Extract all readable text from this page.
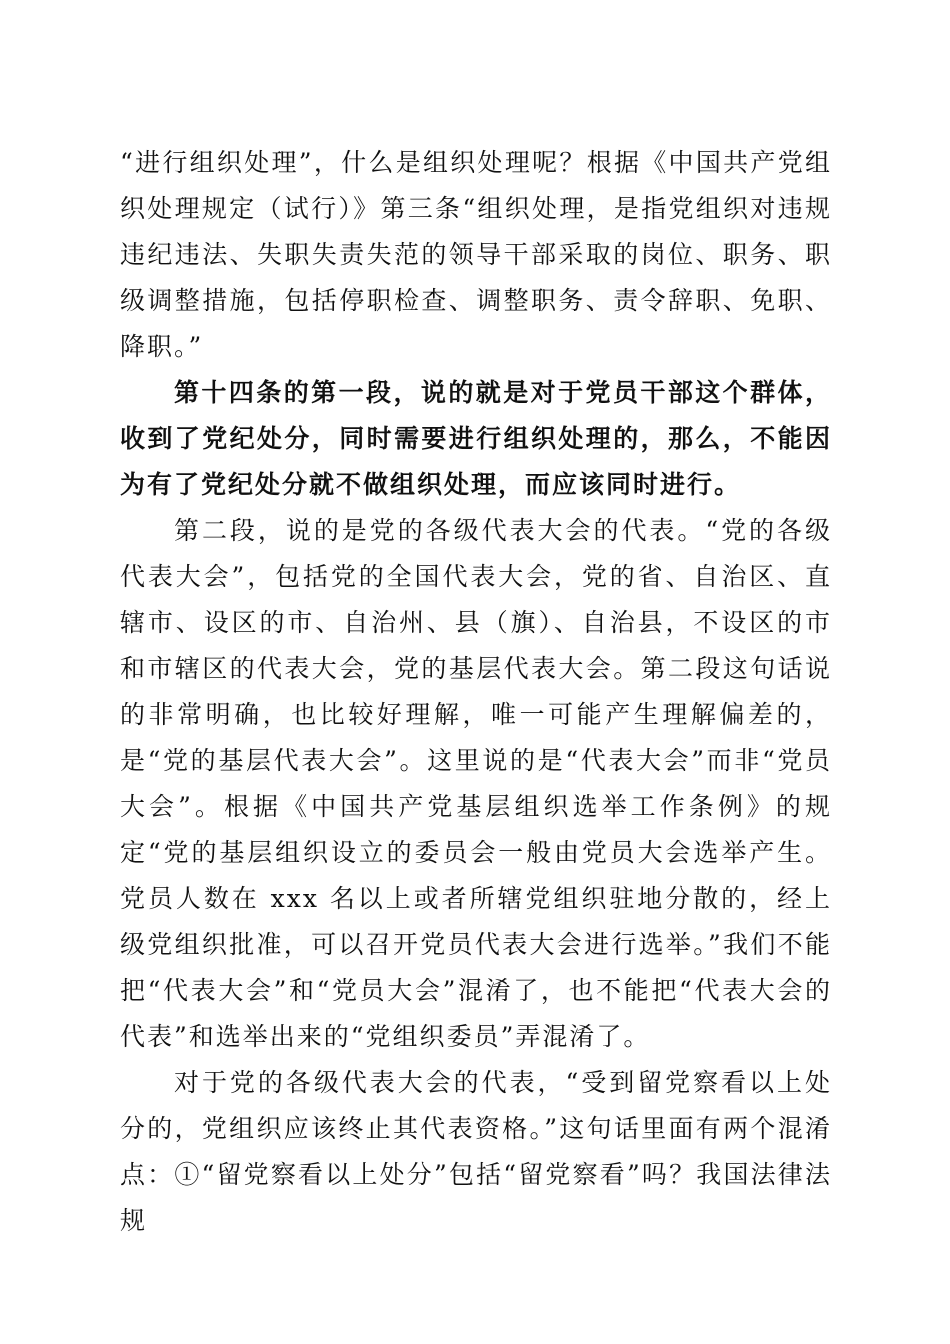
“进行组织处理”，什么是组织处理呢？根据《中国共产党组织处理规定（试行）》第三条“组织处理，是指党组织对违规违纪违法、失职失责失范的领导干部采取的岗位、职务、职级调整措施，包括停职检查、调整职务、责令辞职、免职、降职。”

第十四条的第一段，说的就是对于党员干部这个群体，收到了党纪处分，同时需要进行组织处理的，那么，不能因为有了党纪处分就不做组织处理，而应该同时进行。

第二段，说的是党的各级代表大会的代表。“党的各级代表大会”，包括党的全国代表大会，党的省、自治区、直辖市、设区的市、自治州、县（旗）、自治县，不设区的市和市辖区的代表大会，党的基层代表大会。第二段这句话说的非常明确，也比较好理解，唯一可能产生理解偏差的，是“党的基层代表大会”。这里说的是“代表大会”而非“党员大会”。根据《中国共产党基层组织选举工作条例》的规定“党的基层组织设立的委员会一般由党员大会选举产生。党员人数在 xxx 名以上或者所辖党组织驻地分散的，经上级党组织批准，可以召开党员代表大会进行选举。”我们不能把“代表大会”和“党员大会”混淆了，也不能把“代表大会的代表”和选举出来的“党组织委员”弄混淆了。

对于党的各级代表大会的代表，“受到留党察看以上处分的，党组织应该终止其代表资格。”这句话里面有两个混淆点：①“留党察看以上处分”包括“留党察看”吗？我国法律法规
